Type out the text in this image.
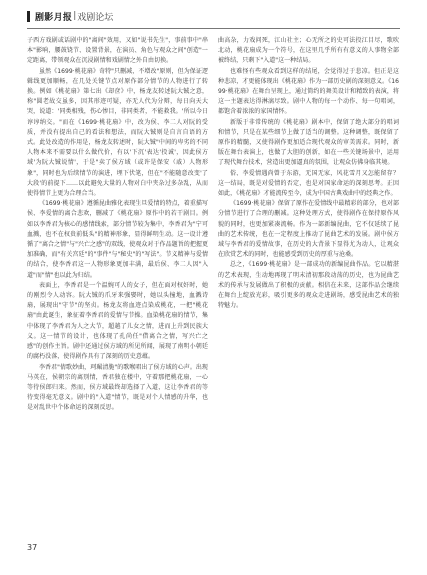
剧影月报 | 戏剧论坛

子西方戏剧或话剧中的"离间"效用，又如"说书先生"，事前事中"串本"影响，腰鼓铙节、设置背景，在演员、角色与观众之间"创造"一定距离，带领观众在沉浸剧情和戏剧情之外自由切换。

虽然《1699·桃花扇》奇特"只删减，不增改"原则，但为保证逻辑线更加顺畅，在几处关键节点对原作部分情节的人物进行了转换。例如《桃花扇》第七出《却奁》中，杨龙友转述阮大铖之意，称"圆老故交虽多，因其形迹可疑，亦无人代为分辩，每日向天大哭，说道：'同类相残，伤心惨目，非同类者，不能救我。'所以今日谆谆纳交。"而在《1699·桃花扇》中，改为侯、李二人对阮的受质，并没有提出自己的看法和想法，而阮大铖则是自言自语的方式。此处改造的作用是，杨龙友转述时，阮大铖"中间的卑劣的不同人物本来不需要以什么做代价，有以'下沉'表达'投诚'，因此侯方域'为阮大铖说情'，于是"卖了侯方域（或许是保安（戚）人物形象"，同时也为后续情节的演进，埋下伏笔，但在"不能随意改变'了大段'的前提下……以此避免大量的人物对白中夹杂过多杂乱，从而使得情节上更为合理合当。

《1699·桃花扇》遵循昆曲雅化表现生旦爱情的特点，着重描写侯、李爱情的离合悲欢，删减了《桃花扇》原作中的若干剧目。例如以李香君为核心的感情线索，部分情节较为集中，李香君为"宁可血溅，也不在权贵前低头"的精神形象，显得鲜明生动。这一设计遵循了"离合之情"与"兴亡之感"的双线，使观众对于作品题旨的把握更加准确，而"有关宫廷"的"事件"与"秘史"的"写法"。节义精神与爱情的结合，使李香君这一人物形象更加丰满，最后侯、李二人因"入道"而"情"也以此为归结。

表面上，李香君是一个温婉可人的女子，但在面对权奸时，她的刚烈令人动容。阮大铖的爪牙来强娶时，她以头撞地，血溅诗扇，展现出"守节"的坚贞。杨龙友将血迹点染成桃花，一把"桃花扇"由此诞生，象征着李香君的爱情与节操。血染桃花扇的情节，集中体现了李香君为人之大节，超越了儿女之情，进而上升到民族大义。这一情节的设计，也体现了孔尚任"借离合之情，写兴亡之感"的创作主旨。剧中还通过侯方域的所见所闻，展现了南明小朝廷的腐朽没落，使得剧作具有了深刻的历史意蕴。

李香君"倩歌妙曲，珂珮清脆"的歌喉唱出了侯方域的心声。出现马英在，侯朝宗的离别情，香君独在楼中，守着那把桃花扇，一心等待侯郎归来。然而，侯方域最终却选择了入道，这让李香君的等待变得毫无意义。剧中的"入道"情节，既是对个人情感的升华，也是对乱世中个体命运的深刻反思。

曲高杂，力戏问死，江山社主；心无所之的史可法投江目尽，歌吹北动，桃花扇成为一个符号，在这里几乎所有有意义的人事物全部被终结，只剩下"入道"这一种结局。

也难怪有些观众看到这样的结尾，会觉得过于悲凉。但正是这种悲凉，才更能体现出《桃花扇》作为一部历史剧的深刻意义。《1699·桃花扇》在舞台呈现上，通过简约的舞美设计和精致的表演，将这一主题表达得淋漓尽致。剧中人物的每一个动作、每一句唱词，都饱含着浓浓的家国情怀。

新版于非常传统的《桃花扇》剧本中，保留了绝大部分的唱词和情节，只是在某些细节上做了适当的调整。这种调整，既保留了原作的精髓，又使得剧作更加适合现代观众的审美需求。同时，新版在舞台表演上，也做了大胆的创新，如在一些关键场景中，运用了现代舞台技术，营造出更加逼真的氛围，让观众仿佛身临其境。

俗、李爱情遇尚曾于东游，无国无家，风花雪月又怎能留存？这一结局，既是对爱情的否定，也是对国家命运的深刻思考。正因如此，《桃花扇》才能流传至今，成为中国古典戏曲中的经典之作。

《1699·桃花扇》保留了原作在爱情线中最精彩的部分，也对部分情节进行了合理的删减。这种处理方式，使得剧作在保持原作风貌的同时，也更加紧凑流畅。作为一部新编昆曲，它不仅延续了昆曲的艺术传统，也在一定程度上推动了昆曲艺术的发展。剧中侯方域与李香君的爱情故事，在历史的大背景下显得尤为动人，让观众在欣赏艺术的同时，也能感受到历史的厚重与沧桑。

总之，《1699·桃花扇》是一部成功的新编昆曲作品。它以精湛的艺术表现，生动地再现了明末清初那段动荡的历史，也为昆曲艺术的传承与发展做出了积极的贡献。相信在未来，这部作品会继续在舞台上绽放光彩，吸引更多的观众走进剧场，感受昆曲艺术的独特魅力。

37
